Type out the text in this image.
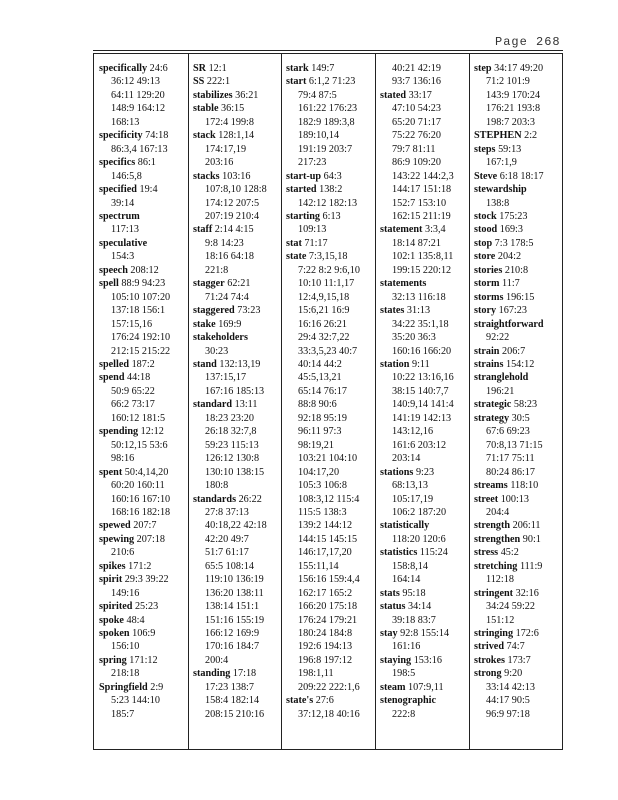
Page 268
specifically 24:6
36:12 49:13
64:11 129:20
148:9 164:12
168:13
specificity 74:18
86:3,4 167:13
specifics 86:1
146:5,8
specified 19:4
39:14
spectrum
117:13
speculative
154:3
speech 208:12
spell 88:9 94:23
105:10 107:20
137:18 156:1
157:15,16
176:24 192:10
212:15 215:22
spelled 187:2
spend 44:18
50:9 65:22
66:2 73:17
160:12 181:5
spending 12:12
50:12,15 53:6
98:16
spent 50:4,14,20
60:20 160:11
160:16 167:10
168:16 182:18
spewed 207:7
spewing 207:18
210:6
spikes 171:2
spirit 29:3 39:22
149:16
spirited 25:23
spoke 48:4
spoken 106:9
156:10
spring 171:12
218:18
Springfield 2:9
5:23 144:10
185:7
SR 12:1
SS 222:1
stabilizes 36:21
stable 36:15
172:4 199:8
stack 128:1,14
174:17,19
203:16
stacks 103:16
107:8,10 128:8
174:12 207:5
207:19 210:4
staff 2:14 4:15
9:8 14:23
18:16 64:18
221:8
stagger 62:21
71:24 74:4
staggered 73:23
stake 169:9
stakeholders
30:23
stand 132:13,19
137:15,17
167:16 185:13
standard 13:11
18:23 23:20
26:18 32:7,8
59:23 115:13
126:12 130:8
130:10 138:15
180:8
standards 26:22
27:8 37:13
40:18,22 42:18
42:20 49:7
51:7 61:17
65:5 108:14
119:10 136:19
136:20 138:11
138:14 151:1
151:16 155:19
166:12 169:9
170:16 184:7
200:4
standing 17:18
17:23 138:7
158:4 182:14
208:15 210:16
stark 149:7
start 6:1,2 71:23
79:4 87:5
161:22 176:23
182:9 189:3,8
189:10,14
191:19 203:7
217:23
start-up 64:3
started 138:2
142:12 182:13
starting 6:13
109:13
stat 71:17
state 7:3,15,18
7:22 8:2 9:6,10
10:10 11:1,17
12:4,9,15,18
15:6,21 16:9
16:16 26:21
29:4 32:7,22
33:3,5,23 40:7
40:14 44:2
45:5,13,21
65:14 76:17
88:8 90:6
92:18 95:19
96:11 97:3
98:19,21
103:21 104:10
104:17,20
105:3 106:8
108:3,12 115:4
115:5 138:3
139:2 144:12
144:15 145:15
146:17,17,20
155:11,14
156:16 159:4,4
162:17 165:2
166:20 175:18
176:24 179:21
180:24 184:8
192:6 194:13
196:8 197:12
198:1,11
209:22 222:1,6
state's 27:6
37:12,18 40:16
40:21 42:19
93:7 136:16
stated 33:17
47:10 54:23
65:20 71:17
75:22 76:20
79:7 81:11
86:9 109:20
143:22 144:2,3
144:17 151:18
152:7 153:10
162:15 211:19
statement 3:3,4
18:14 87:21
102:1 135:8,11
199:15 220:12
statements
32:13 116:18
states 31:13
34:22 35:1,18
35:20 36:3
160:16 166:20
station 9:11
10:22 13:16,16
38:15 140:7,7
140:9,14 141:4
141:19 142:13
143:12,16
161:6 203:12
203:14
stations 9:23
68:13,13
105:17,19
106:2 187:20
statistically
118:20 120:6
statistics 115:24
158:8,14
164:14
stats 95:18
status 34:14
39:18 83:7
stay 92:8 155:14
161:16
staying 153:16
198:5
steam 107:9,11
stenographic
222:8
step 34:17 49:20
71:2 101:9
143:9 170:24
176:21 193:8
198:7 203:3
STEPHEN 2:2
steps 59:13
167:1,9
Steve 6:18 18:17
stewardship
138:8
stock 175:23
stood 169:3
stop 7:3 178:5
store 204:2
stories 210:8
storm 11:7
storms 196:15
story 167:23
straightforward
92:22
strain 206:7
strains 154:12
stranglehold
196:21
strategic 58:23
strategy 30:5
67:6 69:23
70:8,13 71:15
71:17 75:11
80:24 86:17
streams 118:10
street 100:13
204:4
strength 206:11
strengthen 90:1
stress 45:2
stretching 111:9
112:18
stringent 32:16
34:24 59:22
151:12
stringing 172:6
strived 74:7
strokes 173:7
strong 9:20
33:14 42:13
44:17 90:5
96:9 97:18
